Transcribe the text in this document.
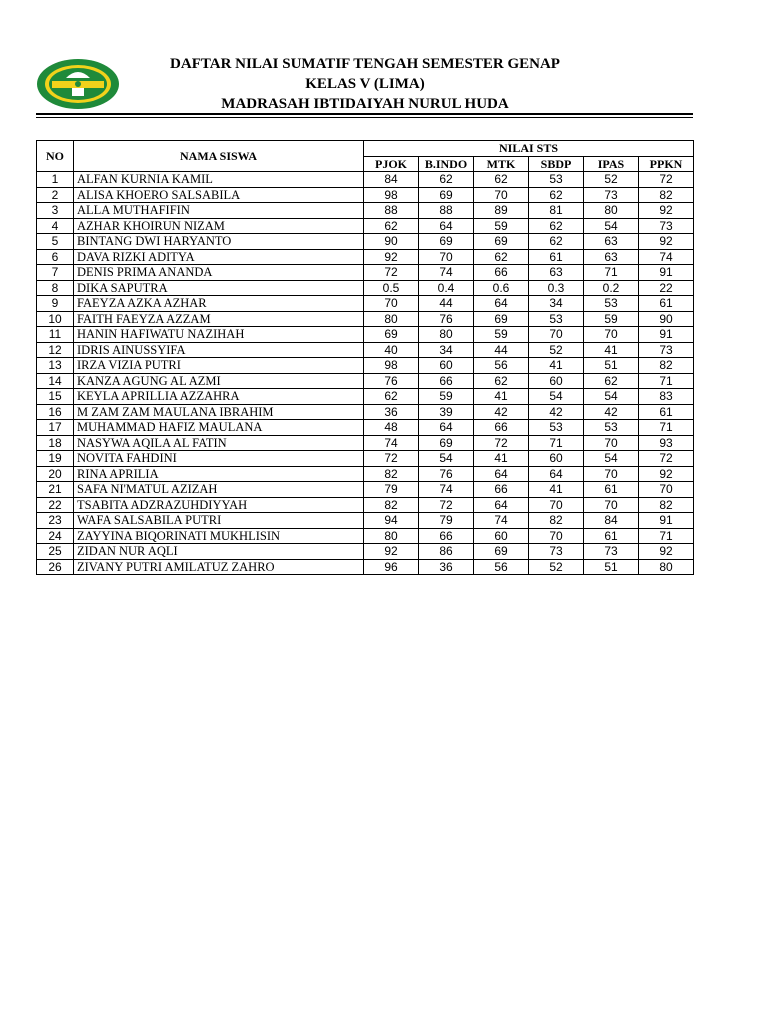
DAFTAR NILAI SUMATIF TENGAH SEMESTER GENAP
KELAS V (LIMA)
MADRASAH IBTIDAIYAH NURUL HUDA
NO	NAMA SISWA	NILAI STS					
		PJOK	B.INDO	MTK	SBDP	IPAS	PPKN
1	ALFAN KURNIA KAMIL	84	62	62	53	52	72
2	ALISA KHOERO SALSABILA	98	69	70	62	73	82
3	ALLA MUTHAFIFIN	88	88	89	81	80	92
4	AZHAR KHOIRUN NIZAM	62	64	59	62	54	73
5	BINTANG DWI HARYANTO	90	69	69	62	63	92
6	DAVA RIZKI ADITYA	92	70	62	61	63	74
7	DENIS PRIMA ANANDA	72	74	66	63	71	91
8	DIKA SAPUTRA	0.5	0.4	0.6	0.3	0.2	22
9	FAEYZA AZKA AZHAR	70	44	64	34	53	61
10	FAITH FAEYZA AZZAM	80	76	69	53	59	90
11	HANIN HAFIWATU NAZIHAH	69	80	59	70	70	91
12	IDRIS AINUSSYIFA	40	34	44	52	41	73
13	IRZA VIZIA PUTRI	98	60	56	41	51	82
14	KANZA AGUNG AL AZMI	76	66	62	60	62	71
15	KEYLA APRILLIA AZZAHRA	62	59	41	54	54	83
16	M ZAM ZAM MAULANA IBRAHIM	36	39	42	42	42	61
17	MUHAMMAD HAFIZ MAULANA	48	64	66	53	53	71
18	NASYWA AQILA AL FATIN	74	69	72	71	70	93
19	NOVITA FAHDINI	72	54	41	60	54	72
20	RINA APRILIA	82	76	64	64	70	92
21	SAFA NI'MATUL AZIZAH	79	74	66	41	61	70
22	TSABITA ADZRAZUHDIYYAH	82	72	64	70	70	82
23	WAFA SALSABILA PUTRI	94	79	74	82	84	91
24	ZAYYINA BIQORINATI MUKHLISIN	80	66	60	70	61	71
25	ZIDAN NUR AQLI	92	86	69	73	73	92
26	ZIVANY PUTRI AMILATUZ ZAHRO	96	36	56	52	51	80
